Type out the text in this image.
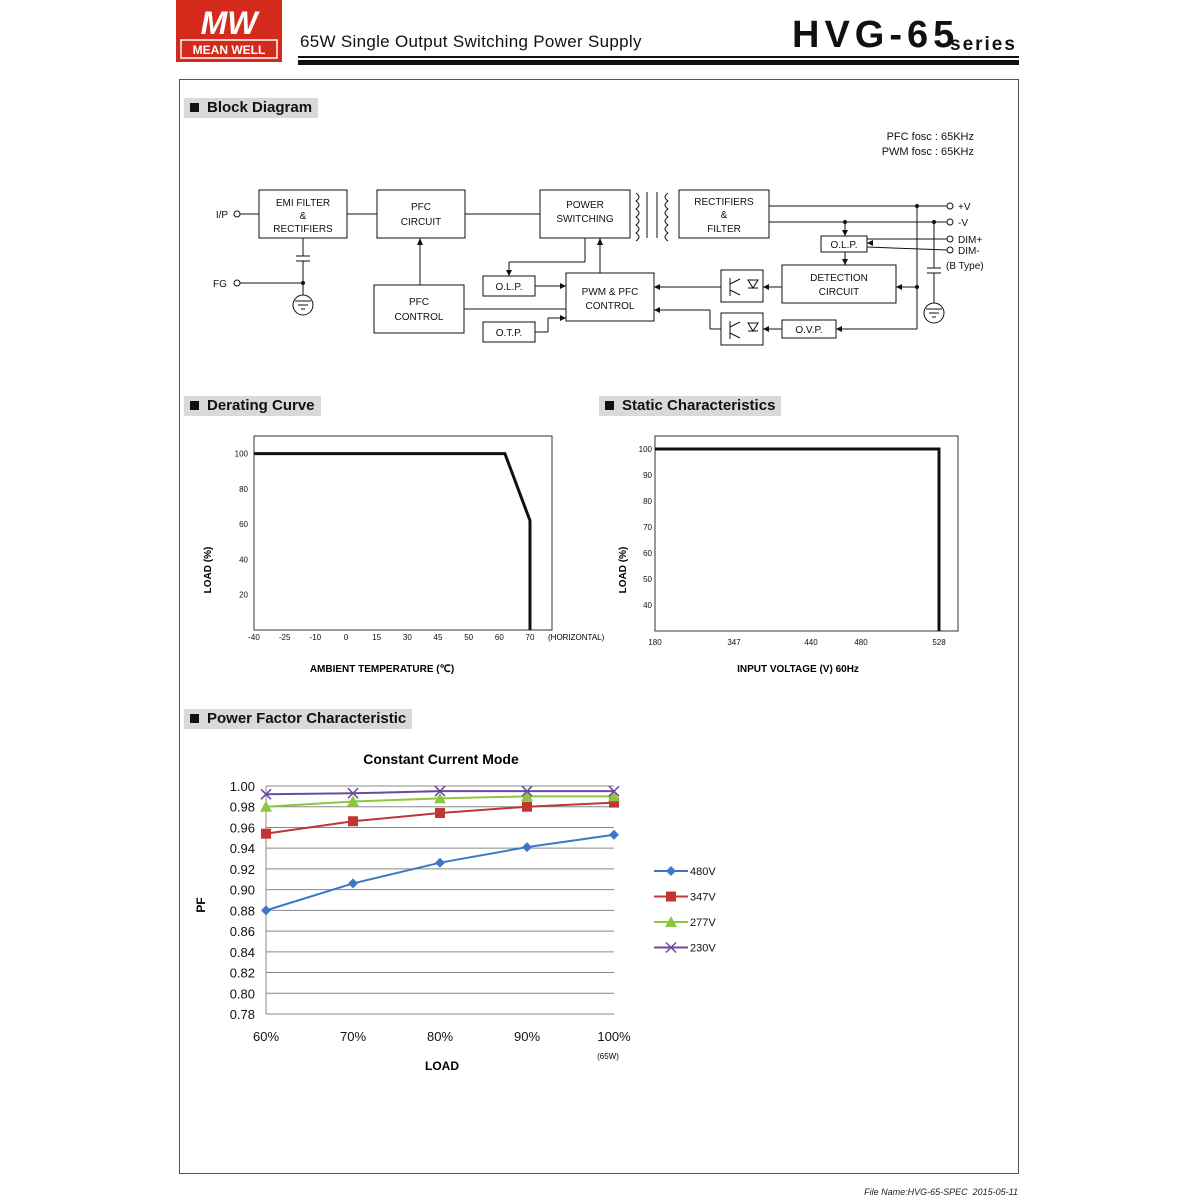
MW
MEAN WELL 65W Single Output Switching Power Supply	HVG-65
series
Block Diagram
Derating Curve	Static Characteristics
Power Factor Characteristic
PFC fosc : 65KHz
PWM fosc : 65KHz
I/P
FG
EMI FILTER
&
RECTIFIERS
PFC
CIRCUIT
POWER
SWITCHING
RECTIFIERS
&
FILTER
PFC
CONTROL
PWM & PFC
CONTROL
O.L.P.
O.T.P.
O.L.P.
DETECTION
CIRCUIT
O.V.P.
+V
-V
DIM+
DIM-
(B Type)
-40 -25 -10	0	15	30	45	50	60	70
100
80
60
40
20
(HORIZONTAL)
AMBIENT TEMPERATURE (℃)
LOAD (%)
180	347	440	480	528
100
90
80
70
60
50
40
INPUT VOLTAGE (V) 60Hz
LOAD (%)
Constant Current Mode
1.00
0.98
0.96
0.94
0.92
0.90
0.88
0.86
0.84
0.82
0.80
0.78
60%	70%	80%	90%	100%
480V
347V
277V
230V
(65W)
LOAD
PF
File Name:HVG-65-SPEC 2015-05-11
